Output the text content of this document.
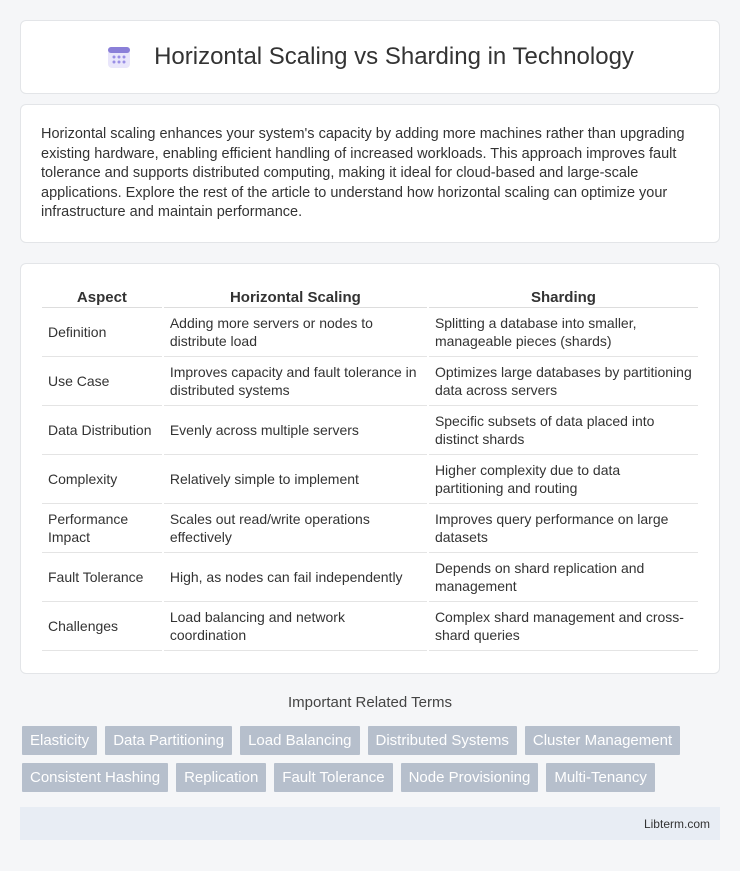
Horizontal Scaling vs Sharding in Technology

Horizontal scaling enhances your system's capacity by adding more machines rather than upgrading existing hardware, enabling efficient handling of increased workloads. This approach improves fault tolerance and supports distributed computing, making it ideal for cloud-based and large-scale applications. Explore the rest of the article to understand how horizontal scaling can optimize your infrastructure and maintain performance.

Aspect	Horizontal Scaling	Sharding
Definition	Adding more servers or nodes to distribute load	Splitting a database into smaller, manageable pieces (shards)
Use Case	Improves capacity and fault tolerance in distributed systems	Optimizes large databases by partitioning data across servers
Data Distribution	Evenly across multiple servers	Specific subsets of data placed into distinct shards
Complexity	Relatively simple to implement	Higher complexity due to data partitioning and routing
Performance Impact	Scales out read/write operations effectively	Improves query performance on large datasets
Fault Tolerance	High, as nodes can fail independently	Depends on shard replication and management
Challenges	Load balancing and network coordination	Complex shard management and cross-shard queries
Important Related Terms
Elasticity	Data Partitioning	Load Balancing	Distributed Systems	Cluster Management
Consistent Hashing	Replication	Fault Tolerance	Node Provisioning	Multi-Tenancy
Libterm.com
